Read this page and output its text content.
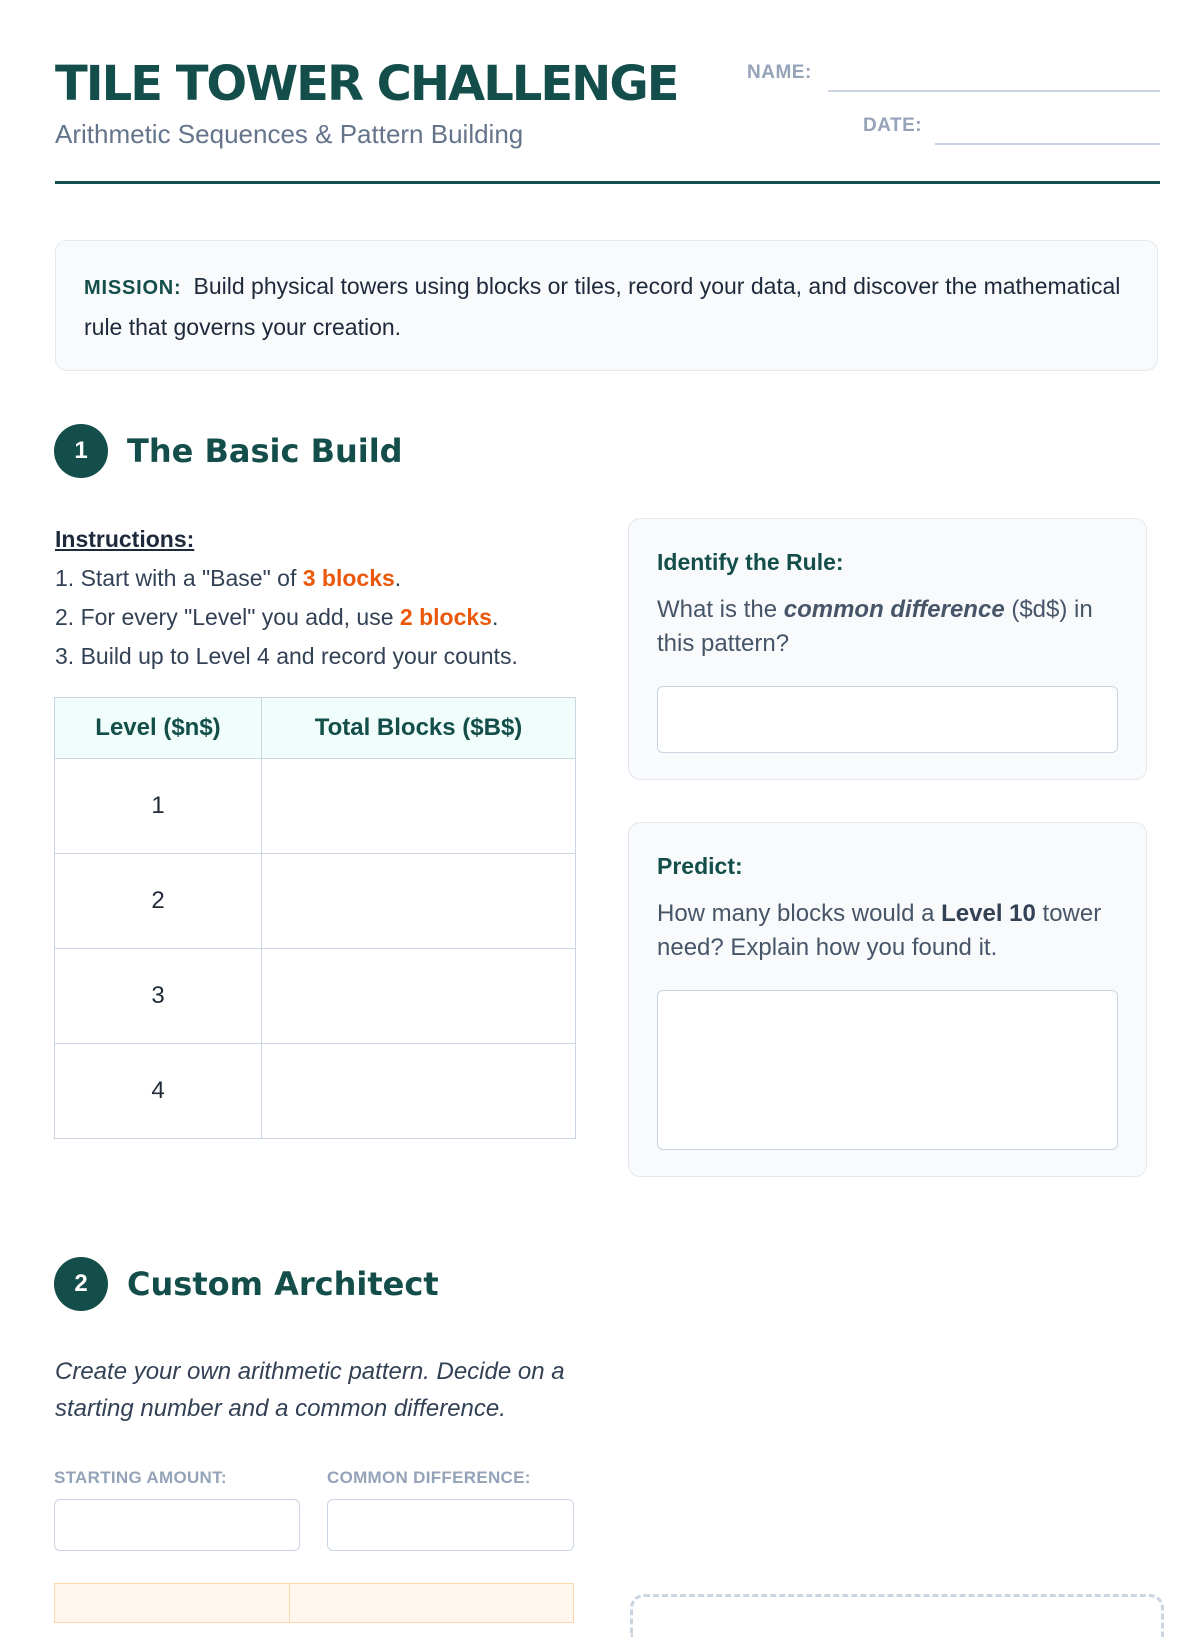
TILE TOWER CHALLENGE
Arithmetic Sequences & Pattern Building
NAME:
DATE:
MISSION: Build physical towers using blocks or tiles, record your data, and discover the mathematical rule that governs your creation.
1	The Basic Build
Instructions:
1. Start with a "Base" of 3 blocks.
2. For every "Level" you add, use 2 blocks.
3. Build up to Level 4 and record your counts.
Level ($n$)	Total Blocks ($B$)
1	
2	
3	
4	
Identify the Rule:
What is the common difference ($d$) in this pattern?
Predict:
How many blocks would a Level 10 tower need? Explain how you found it.
2	Custom Architect
Create your own arithmetic pattern. Decide on a starting number and a common difference.
STARTING AMOUNT:	COMMON DIFFERENCE:
